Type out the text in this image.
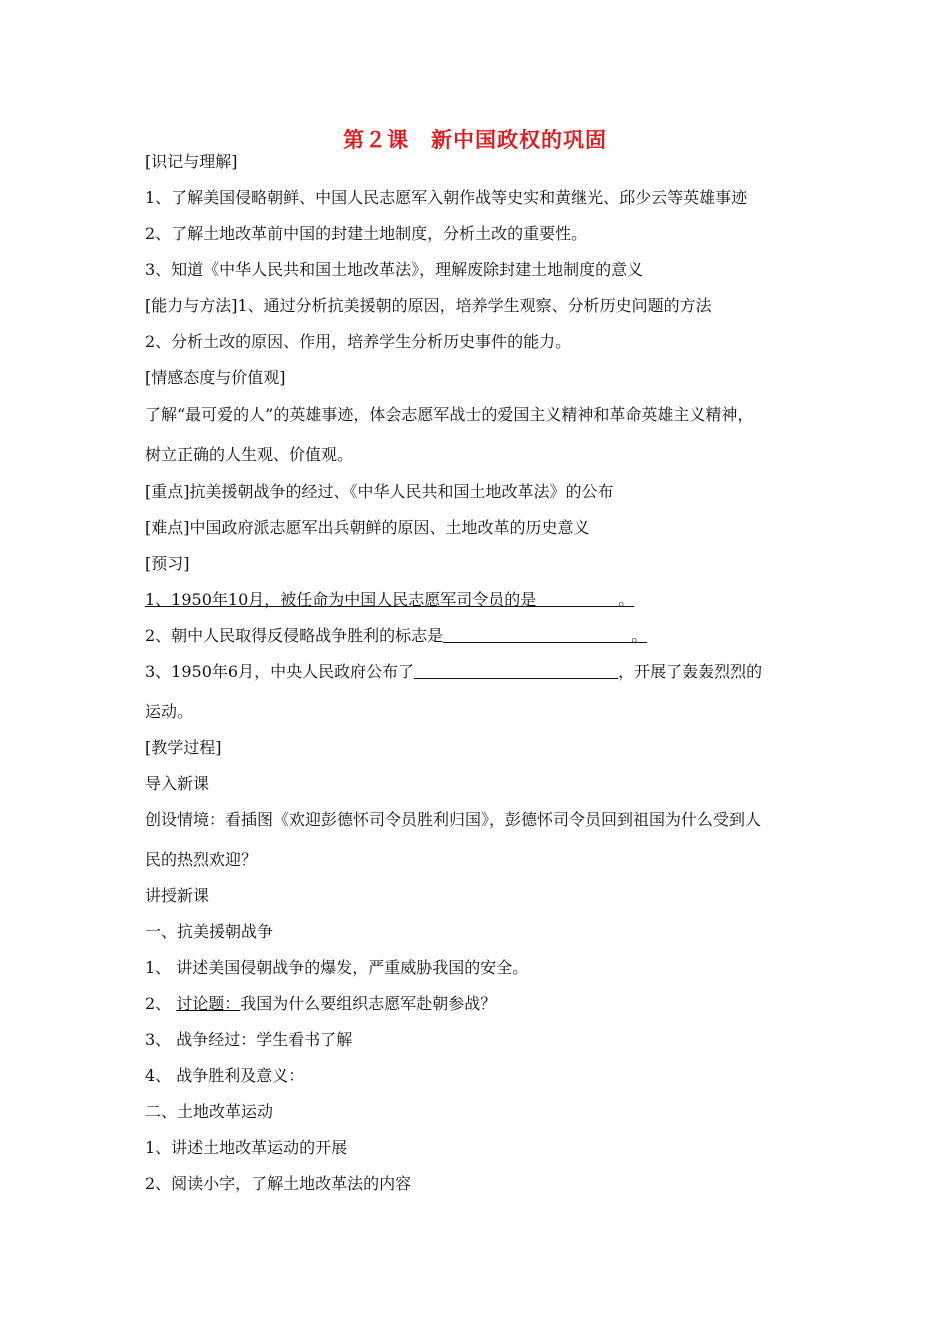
第２课　新中国政权的巩固
[识记与理解]
1、了解美国侵略朝鲜、中国人民志愿军入朝作战等史实和黄继光、邱少云等英雄事迹
2、了解土地改革前中国的封建土地制度，分析土改的重要性。
3、知道《中华人民共和国土地改革法》，理解废除封建土地制度的意义
[能力与方法]1、通过分析抗美援朝的原因，培养学生观察、分析历史问题的方法
2、分析土改的原因、作用，培养学生分析历史事件的能力。
[情感态度与价值观]
了解“最可爱的人”的英雄事迹，体会志愿军战士的爱国主义精神和革命英雄主义精神，
树立正确的人生观、价值观。
[重点]抗美援朝战争的经过、《中华人民共和国土地改革法》的公布
[难点]中国政府派志愿军出兵朝鲜的原因、土地改革的历史意义
[预习]
1、1950年10月，被任命为中国人民志愿军司令员的是	。
2、朝中人民取得反侵略战争胜利的标志是	。
3、1950年6月，中央人民政府公布了	，开展了轰轰烈烈的
运动。
[教学过程]
导入新课
创设情境：看插图《欢迎彭德怀司令员胜利归国》，彭德怀司令员回到祖国为什么受到人
民的热烈欢迎？
讲授新课
一、抗美援朝战争
1、 讲述美国侵朝战争的爆发，严重威胁我国的安全。
2、 讨论题：我国为什么要组织志愿军赴朝参战？
3、 战争经过：学生看书了解
4、 战争胜利及意义：
二、土地改革运动
1、讲述土地改革运动的开展
2、阅读小字，了解土地改革法的内容
